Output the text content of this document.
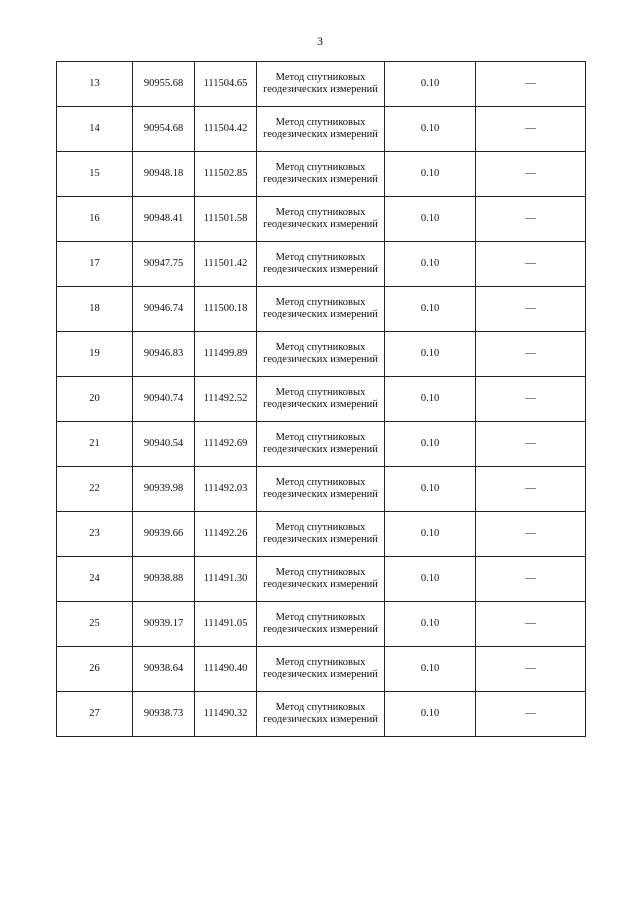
3
13	90955.68	111504.65	Метод спутниковых геодезических измерений	0.10	—
14	90954.68	111504.42	Метод спутниковых геодезических измерений	0.10	—
15	90948.18	111502.85	Метод спутниковых геодезических измерений	0.10	—
16	90948.41	111501.58	Метод спутниковых геодезических измерений	0.10	—
17	90947.75	111501.42	Метод спутниковых геодезических измерений	0.10	—
18	90946.74	111500.18	Метод спутниковых геодезических измерений	0.10	—
19	90946.83	111499.89	Метод спутниковых геодезических измерений	0.10	—
20	90940.74	111492.52	Метод спутниковых геодезических измерений	0.10	—
21	90940.54	111492.69	Метод спутниковых геодезических измерений	0.10	—
22	90939.98	111492.03	Метод спутниковых геодезических измерений	0.10	—
23	90939.66	111492.26	Метод спутниковых геодезических измерений	0.10	—
24	90938.88	111491.30	Метод спутниковых геодезических измерений	0.10	—
25	90939.17	111491.05	Метод спутниковых геодезических измерений	0.10	—
26	90938.64	111490.40	Метод спутниковых геодезических измерений	0.10	—
27	90938.73	111490.32	Метод спутниковых геодезических измерений	0.10	—
